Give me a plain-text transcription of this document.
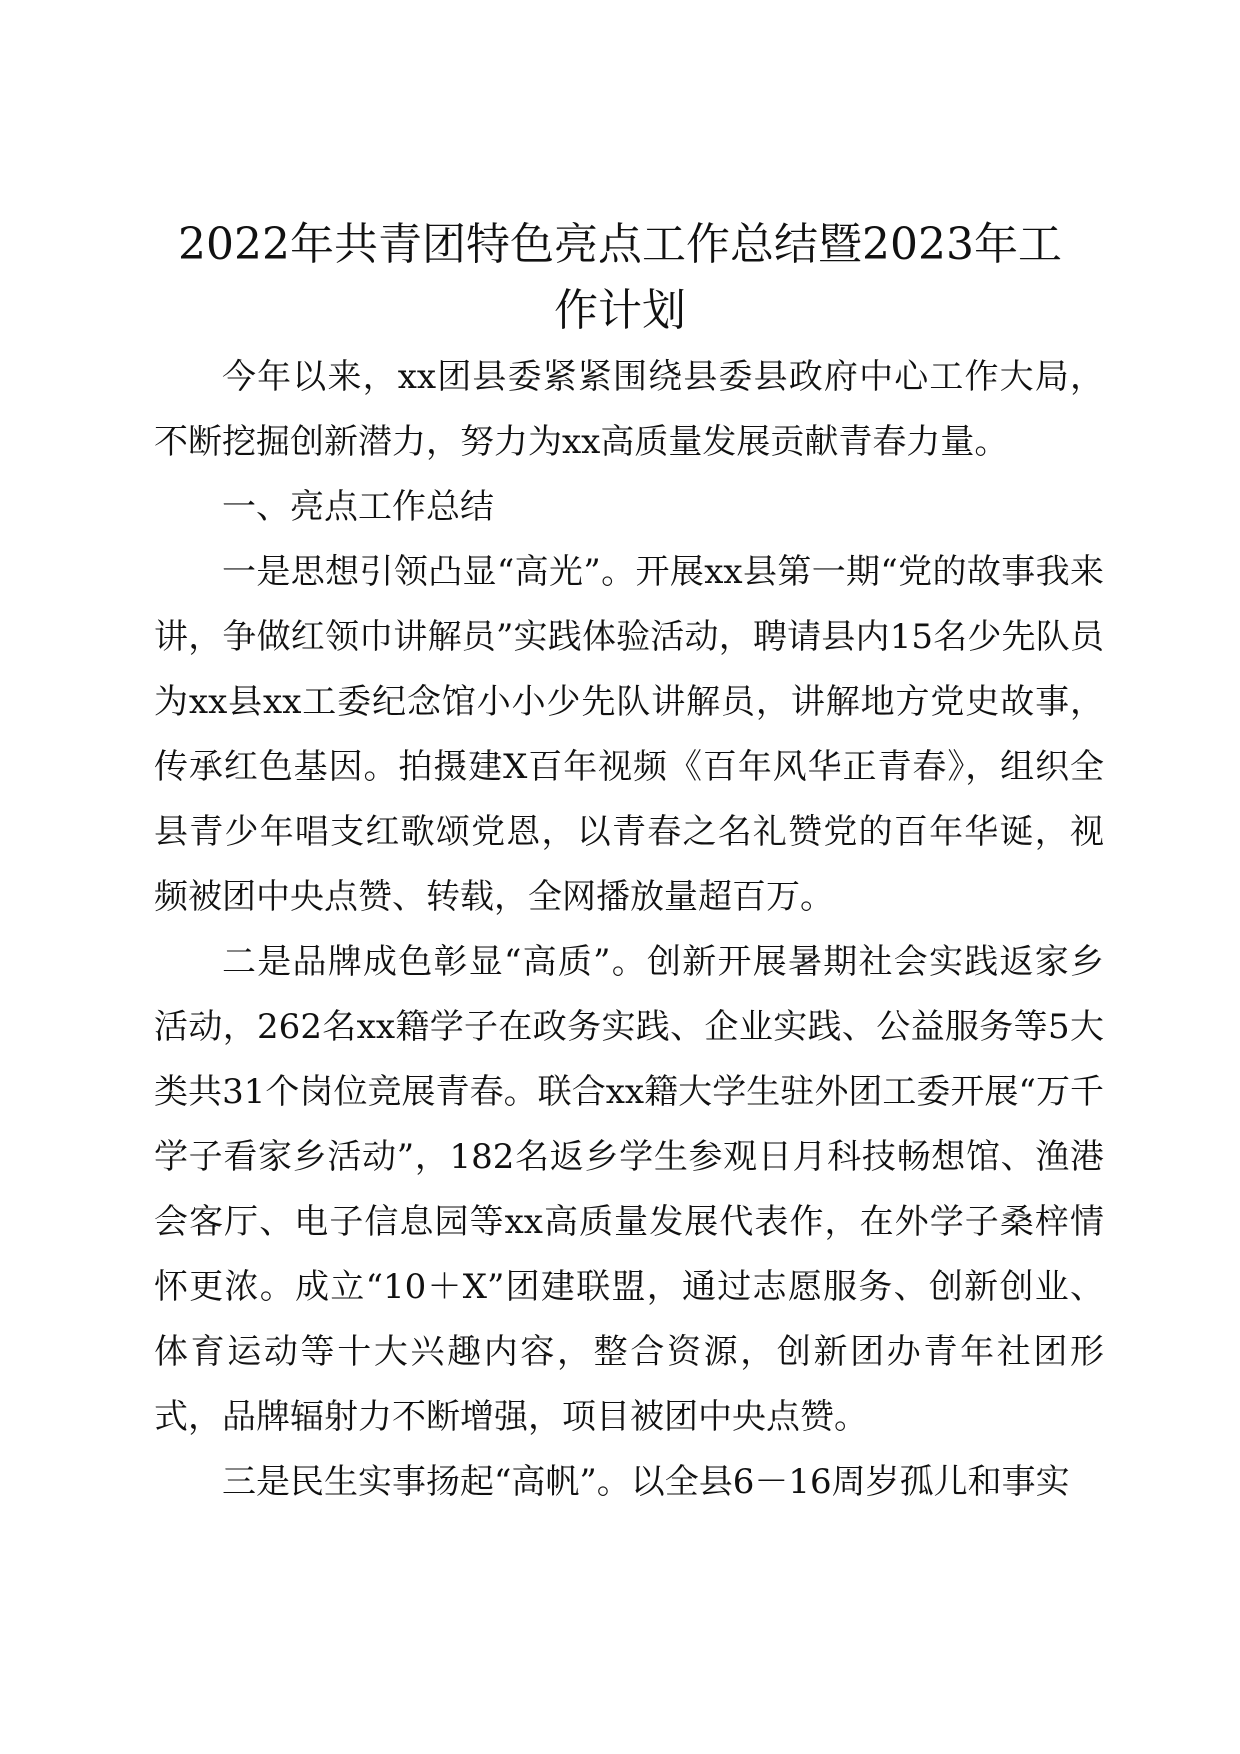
2022年共青团特色亮点工作总结暨2023年工
作计划

今年以来，xx团县委紧紧围绕县委县政府中心工作大局，不断挖掘创新潜力，努力为xx高质量发展贡献青春力量。

一、亮点工作总结

一是思想引领凸显“高光”。开展xx县第一期“党的故事我来讲，争做红领巾讲解员”实践体验活动，聘请县内15名少先队员为xx县xx工委纪念馆小小少先队讲解员，讲解地方党史故事，传承红色基因。拍摄建X百年视频《百年风华正青春》，组织全县青少年唱支红歌颂党恩，以青春之名礼赞党的百年华诞，视频被团中央点赞、转载，全网播放量超百万。

二是品牌成色彰显“高质”。创新开展暑期社会实践返家乡活动，262名xx籍学子在政务实践、企业实践、公益服务等5大类共31个岗位竞展青春。联合xx籍大学生驻外团工委开展“万千学子看家乡活动”，182名返乡学生参观日月科技畅想馆、渔港会客厅、电子信息园等xx高质量发展代表作，在外学子桑梓情怀更浓。成立“10＋X”团建联盟，通过志愿服务、创新创业、体育运动等十大兴趣内容，整合资源，创新团办青年社团形式，品牌辐射力不断增强，项目被团中央点赞。

三是民生实事扬起“高帆”。以全县6－16周岁孤儿和事实
